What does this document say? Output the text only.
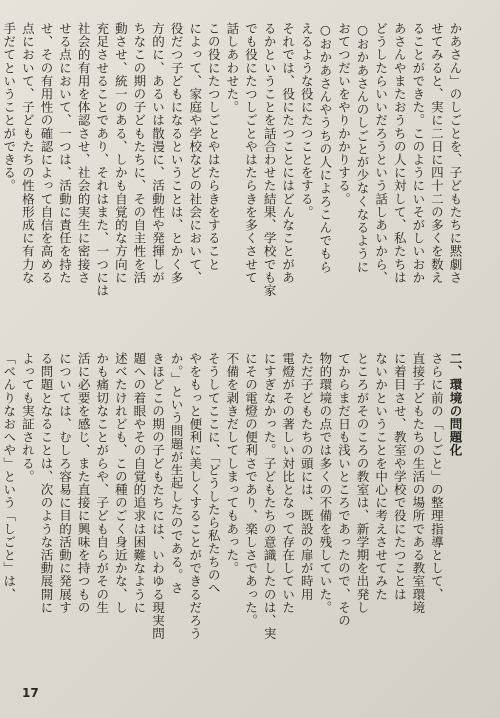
かあさん」のしごとを、子どもたちに黙劇さ
せてみると、実に二日に四十二の多くを数え
ることができた。このようにいそがしいおか
あさんやまたおうちの人に対して、私たちは
どうしたらいいだろうという話しあいから、
○おかあさんのしごとが少なくなるように
おてつだいをやりかかりする。
○おかあさんやうちの人によろこんでもら
えるような役にたつことをする。
それでは、役にたつことにはどんなことがあ
るかということを話合わせた結果、学校でも家
でも役にたつしごとやはたらきを多くさせて
話しあわせた。
この役にたつしごとやはたらきをすること
によって、家庭や学校などの社会において、
役だつ子どもになるということは、とかく多
方的に、あるいは散漫に、活動性や発揮しが
ちなこの期の子どもたちに、その自主性を活
動させ、統一のある、しかも自覚的な方向に
充足させることであり、それはまた、一つには
社会的有用を体認させ、社会的実生に密接さ
せる点において、一つは、活動に責任を持た
せ、その有用性の確認によって自信を高める
点において、子どもたちの性格形成に有力な
手だてということができる。
二、環境の問題化
さらに前の「しごと」の整理指導として、
直接子どもたちの生活の場所である教室環境
に着目させ、教室や学校で役にたつことは
ないかということを中心に考えさせてみた
ところがそのころの教室は、新学期を出発し
てからまだ日も浅いところであったので、その
物的環境の点では多くの不備を残していた。
ただ子どもたちの頭には、既設の扉が時用
電燈がその著しい対比となって存在していた
にすぎなかった。子どもたちの意識したのは、実
にその電燈の便利さであり、楽しさであった。
不備を剥きだしてしまってもあった。
そうしてここに、「どうしたら私たちのへ
やをもっと便利に美しくすることができるだろう
か。」という問題が生起したのである。さ
きほどこの期の子どもたちには、いわゆる現実問
題への着眼やその自覚的追求は困難なように
述べたけれども、この種のごく身近かな、し
かも痛切なことがらや、子ども自らがその生
活に必要を感じ、また直接に興味を持つもの
については、むしろ容易に目的活動に発展す
る問題となることは、次のような活動展開に
よっても実証される。
「べんりなおへや」という「しごと」は、
17
